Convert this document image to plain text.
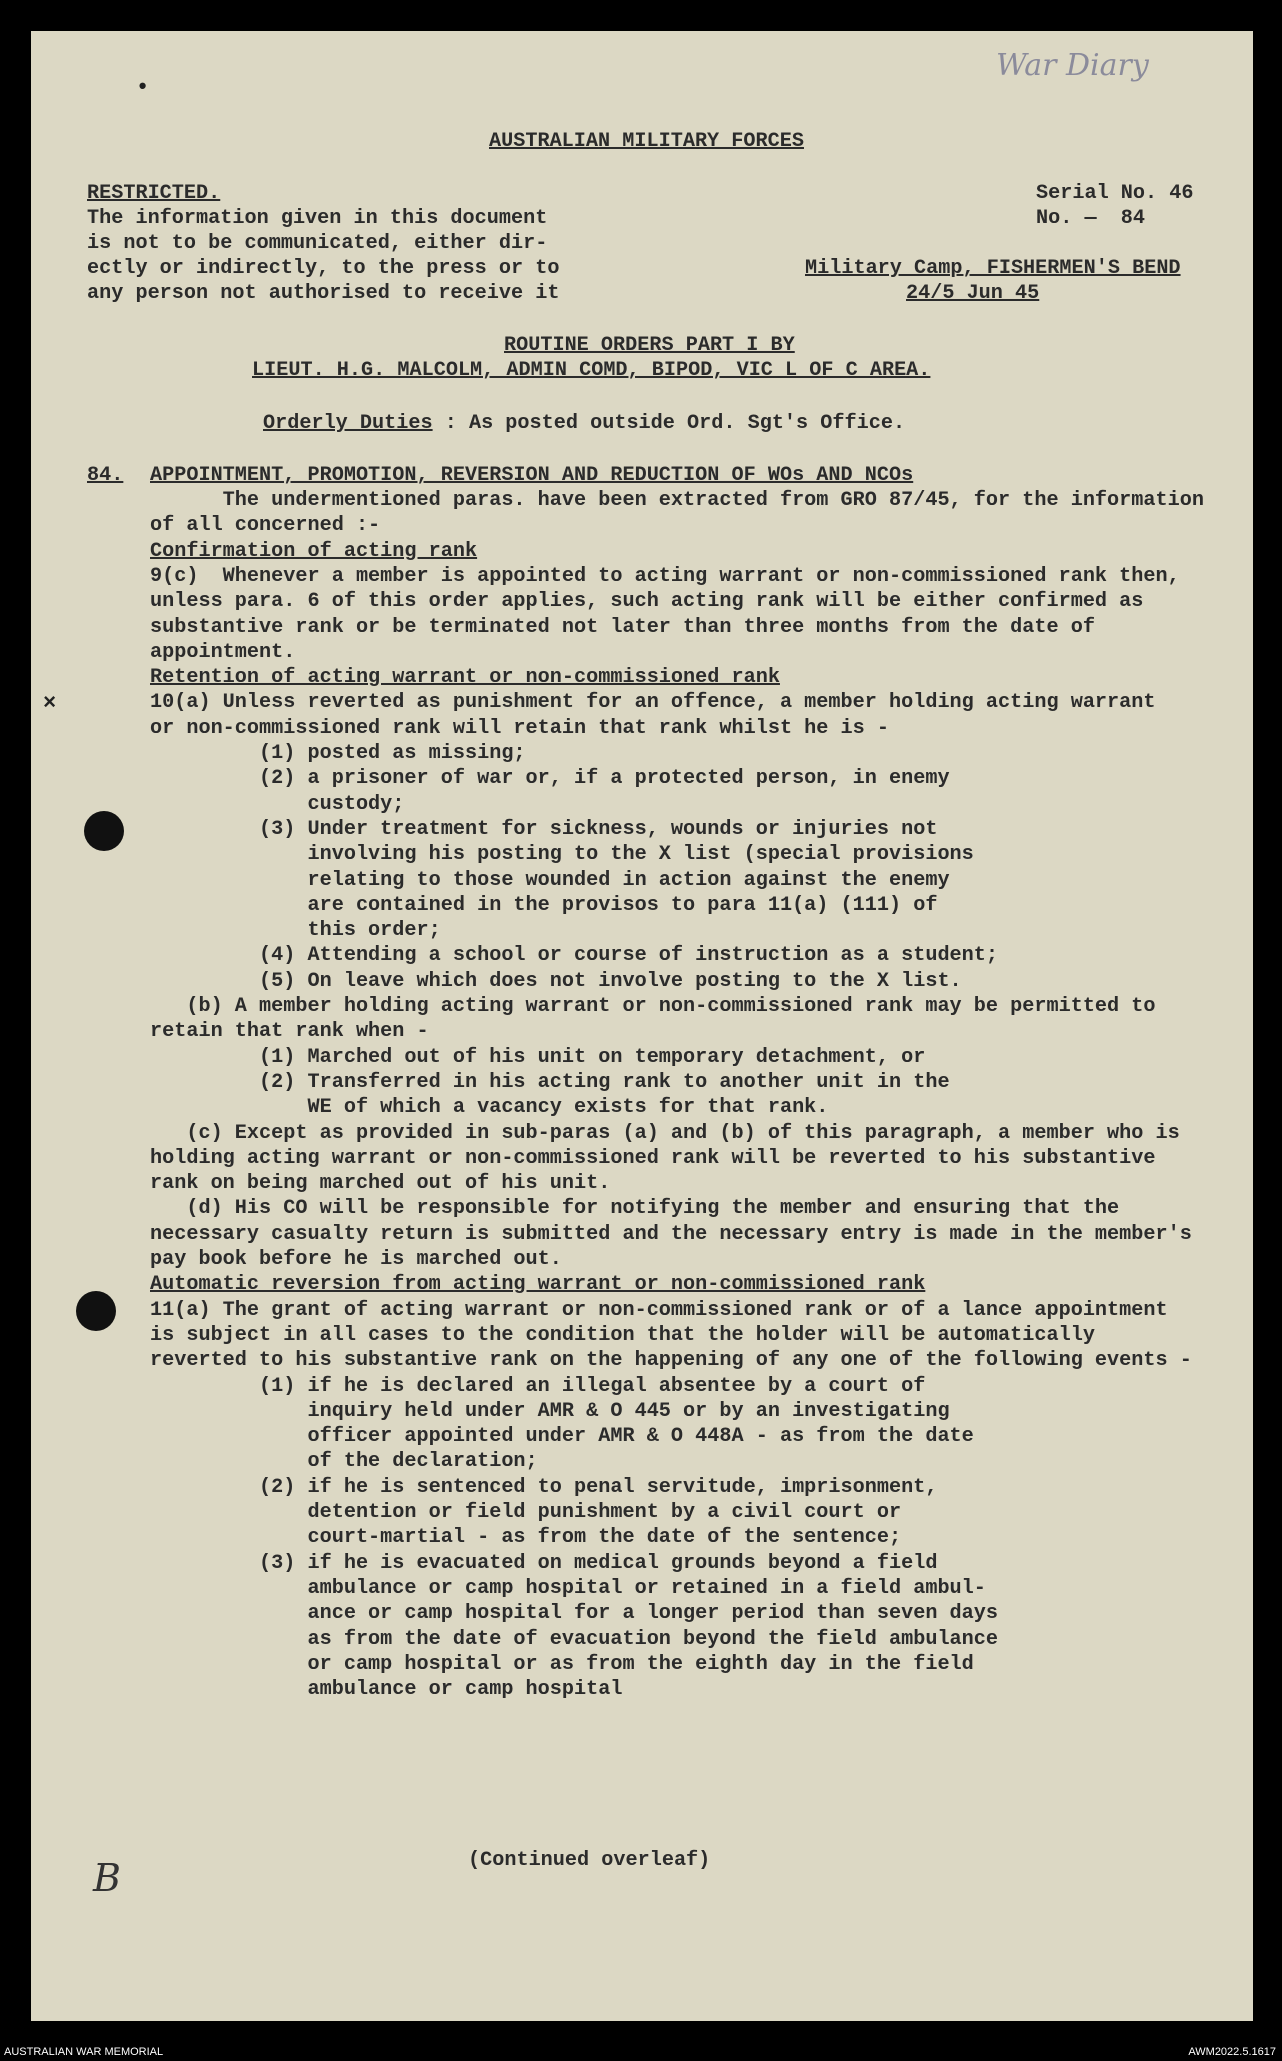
War Diary
AUSTRALIAN MILITARY FORCES
RESTRICTED.
The information given in this document
is not to be communicated, either dir-
ectly or indirectly, to the press or to
any person not authorised to receive it
Serial No. 46
No. —  84
Military Camp, FISHERMEN'S BEND
24/5 Jun 45
ROUTINE ORDERS PART I BY
LIEUT. H.G. MALCOLM, ADMIN COMD, BIPOD, VIC L OF C AREA.
Orderly Duties : As posted outside Ord. Sgt's Office.
84. APPOINTMENT, PROMOTION, REVERSION AND REDUCTION OF WOs AND NCOs
The undermentioned paras. have been extracted from GRO 87/45, for the information
of all concerned :-
Confirmation of acting rank
9(c)  Whenever a member is appointed to acting warrant or non-commissioned rank then,
unless para. 6 of this order applies, such acting rank will be either confirmed as
substantive rank or be terminated not later than three months from the date of
appointment.
Retention of acting warrant or non-commissioned rank
10(a) Unless reverted as punishment for an offence, a member holding acting warrant
or non-commissioned rank will retain that rank whilst he is -
(1) posted as missing;
(2) a prisoner of war or, if a protected person, in enemy
custody;
(3) Under treatment for sickness, wounds or injuries not
involving his posting to the X list (special provisions
relating to those wounded in action against the enemy
are contained in the provisos to para 11(a) (111) of
this order;
(4) Attending a school or course of instruction as a student;
(5) On leave which does not involve posting to the X list.
(b) A member holding acting warrant or non-commissioned rank may be permitted to
retain that rank when -
(1) Marched out of his unit on temporary detachment, or
(2) Transferred in his acting rank to another unit in the
WE of which a vacancy exists for that rank.
(c) Except as provided in sub-paras (a) and (b) of this paragraph, a member who is
holding acting warrant or non-commissioned rank will be reverted to his substantive
rank on being marched out of his unit.
(d) His CO will be responsible for notifying the member and ensuring that the
necessary casualty return is submitted and the necessary entry is made in the member's
pay book before he is marched out.
Automatic reversion from acting warrant or non-commissioned rank
11(a) The grant of acting warrant or non-commissioned rank or of a lance appointment
is subject in all cases to the condition that the holder will be automatically
reverted to his substantive rank on the happening of any one of the following events -
(1) if he is declared an illegal absentee by a court of
inquiry held under AMR & O 445 or by an investigating
officer appointed under AMR & O 448A - as from the date
of the declaration;
(2) if he is sentenced to penal servitude, imprisonment,
detention or field punishment by a civil court or
court-martial - as from the date of the sentence;
(3) if he is evacuated on medical grounds beyond a field
ambulance or camp hospital or retained in a field ambul-
ance or camp hospital for a longer period than seven days
as from the date of evacuation beyond the field ambulance
or camp hospital or as from the eighth day in the field
ambulance or camp hospital
•
×
(Continued overleaf)
B
AUSTRALIAN WAR MEMORIAL	AWM2022.5.1617
